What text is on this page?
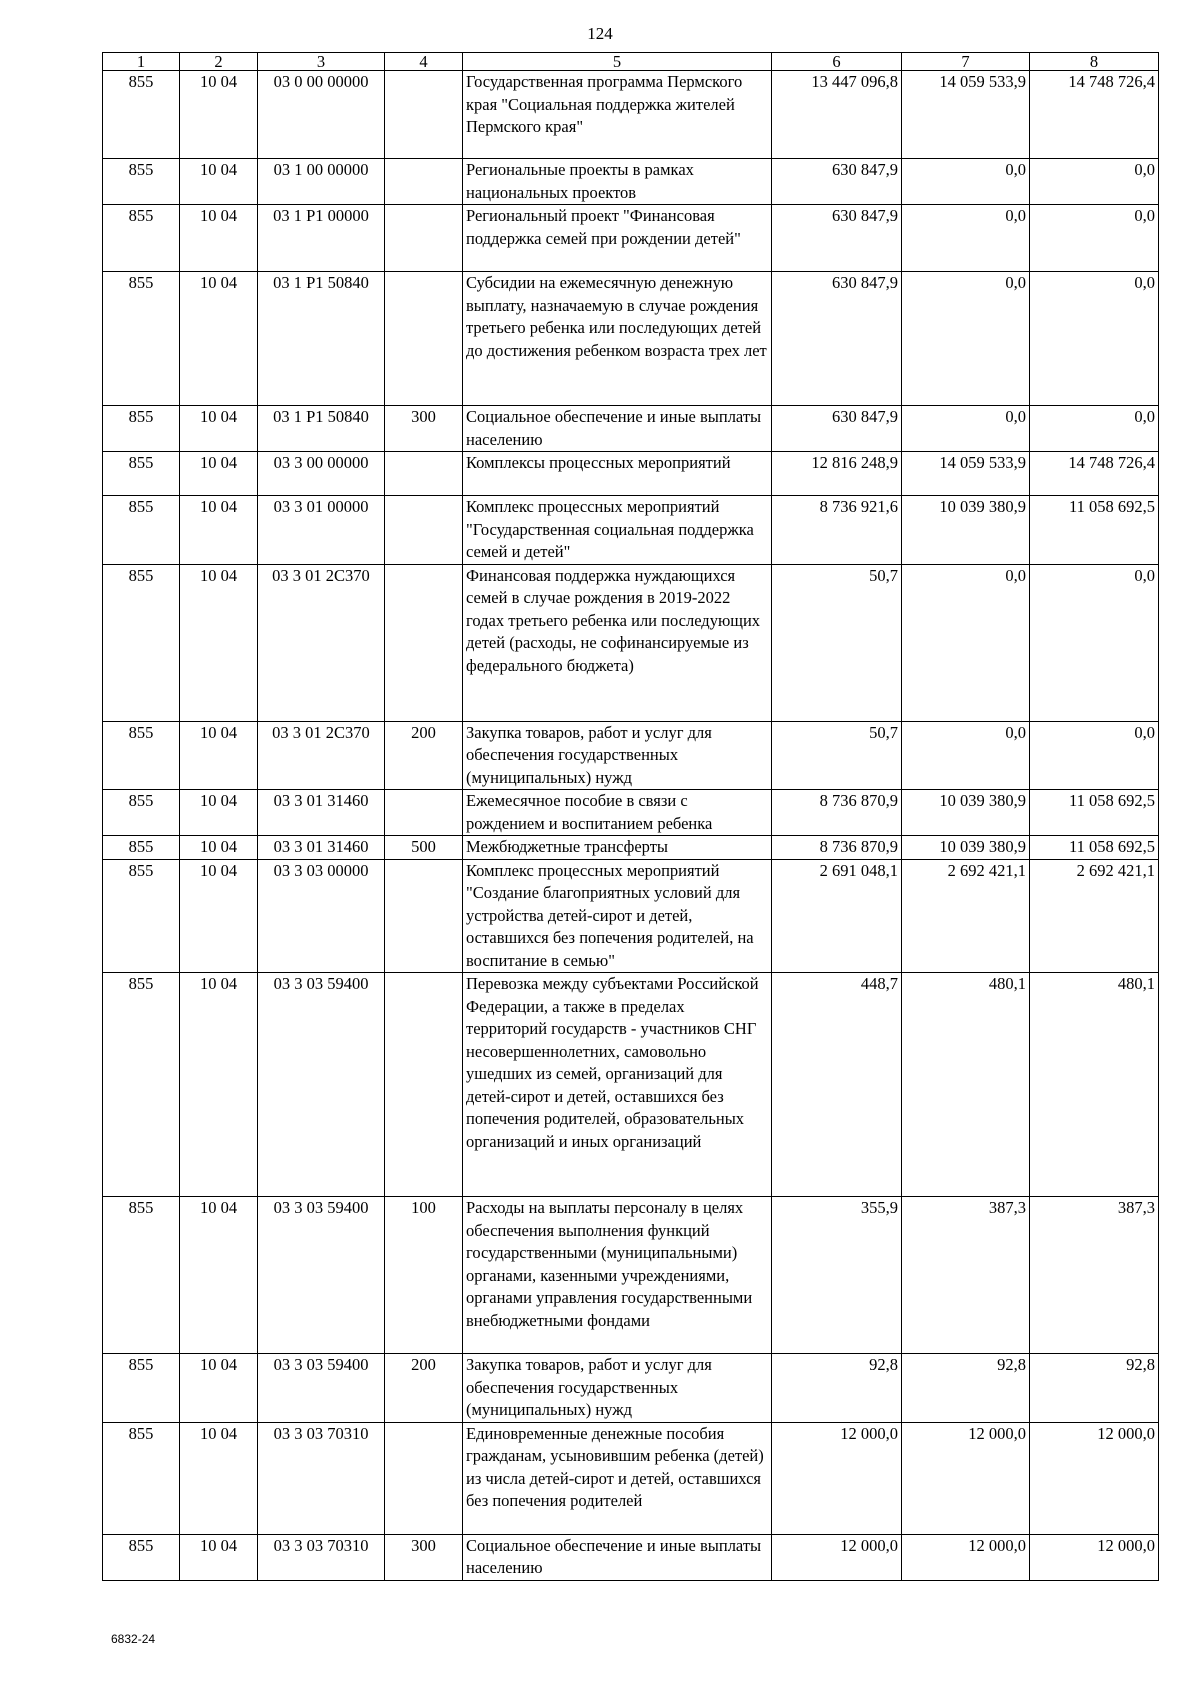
124
1	2	3	4	5	6	7	8
855	10 04	03 0 00 00000		Государственная программа Пермского края "Социальная поддержка жителей Пермского края"	13 447 096,8	14 059 533,9	14 748 726,4
855	10 04	03 1 00 00000		Региональные проекты в рамках национальных проектов	630 847,9	0,0	0,0
855	10 04	03 1 Р1 00000		Региональный проект "Финансовая поддержка семей при рождении детей"	630 847,9	0,0	0,0
855	10 04	03 1 Р1 50840		Субсидии на ежемесячную денежную выплату, назначаемую в случае рождения третьего ребенка или последующих детей до достижения ребенком возраста трех лет	630 847,9	0,0	0,0
855	10 04	03 1 Р1 50840	300	Социальное обеспечение и иные выплаты населению	630 847,9	0,0	0,0
855	10 04	03 3 00 00000		Комплексы процессных мероприятий	12 816 248,9	14 059 533,9	14 748 726,4
855	10 04	03 3 01 00000		Комплекс процессных мероприятий "Государственная социальная поддержка семей и детей"	8 736 921,6	10 039 380,9	11 058 692,5
855	10 04	03 3 01 2С370		Финансовая поддержка нуждающихся семей в случае рождения в 2019-2022 годах третьего ребенка или последующих детей (расходы, не софинансируемые из федерального бюджета)	50,7	0,0	0,0
855	10 04	03 3 01 2С370	200	Закупка товаров, работ и услуг для обеспечения государственных (муниципальных) нужд	50,7	0,0	0,0
855	10 04	03 3 01 31460		Ежемесячное пособие в связи с рождением и воспитанием ребенка	8 736 870,9	10 039 380,9	11 058 692,5
855	10 04	03 3 01 31460	500	Межбюджетные трансферты	8 736 870,9	10 039 380,9	11 058 692,5
855	10 04	03 3 03 00000		Комплекс процессных мероприятий "Создание благоприятных условий для устройства детей-сирот и детей, оставшихся без попечения родителей, на воспитание в семью"	2 691 048,1	2 692 421,1	2 692 421,1
855	10 04	03 3 03 59400		Перевозка между субъектами Российской Федерации, а также в пределах территорий государств - участников СНГ несовершеннолетних, самовольно ушедших из семей, организаций для детей-сирот и детей, оставшихся без попечения родителей, образовательных организаций и иных организаций	448,7	480,1	480,1
855	10 04	03 3 03 59400	100	Расходы на выплаты персоналу в целях обеспечения выполнения функций государственными (муниципальными) органами, казенными учреждениями, органами управления государственными внебюджетными фондами	355,9	387,3	387,3
855	10 04	03 3 03 59400	200	Закупка товаров, работ и услуг для обеспечения государственных (муниципальных) нужд	92,8	92,8	92,8
855	10 04	03 3 03 70310		Единовременные денежные пособия гражданам, усыновившим ребенка (детей) из числа детей-сирот и детей, оставшихся без попечения родителей	12 000,0	12 000,0	12 000,0
855	10 04	03 3 03 70310	300	Социальное обеспечение и иные выплаты населению	12 000,0	12 000,0	12 000,0
6832-24
